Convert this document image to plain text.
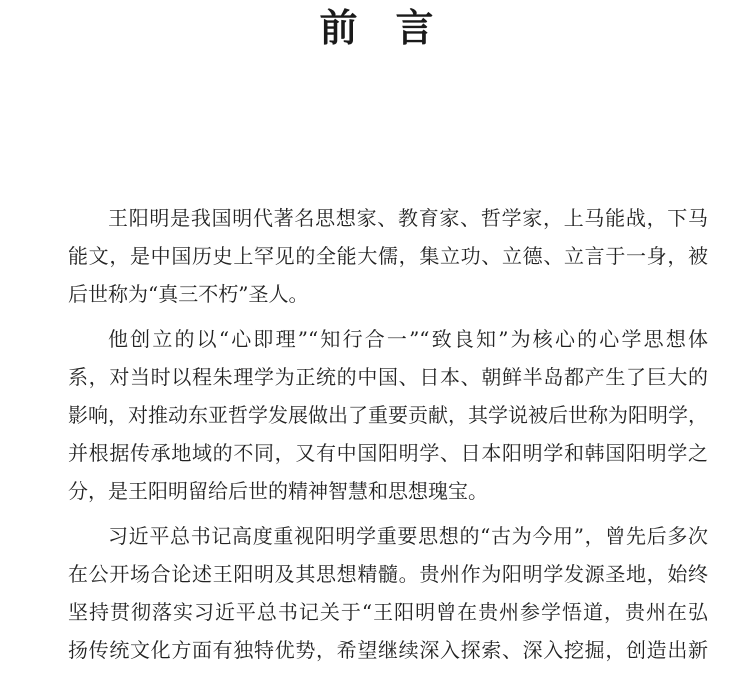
前　言
王阳明是我国明代著名思想家、教育家、哲学家，上马能战，下马
能文，是中国历史上罕见的全能大儒，集立功、立德、立言于一身，被
后世称为“真三不朽”圣人。
他创立的以“心即理”“知行合一”“致良知”为核心的心学思想体
系，对当时以程朱理学为正统的中国、日本、朝鲜半岛都产生了巨大的
影响，对推动东亚哲学发展做出了重要贡献，其学说被后世称为阳明学，
并根据传承地域的不同，又有中国阳明学、日本阳明学和韩国阳明学之
分，是王阳明留给后世的精神智慧和思想瑰宝。
习近平总书记高度重视阳明学重要思想的“古为今用”，曾先后多次
在公开场合论述王阳明及其思想精髓。贵州作为阳明学发源圣地，始终
坚持贯彻落实习近平总书记关于“王阳明曾在贵州参学悟道，贵州在弘
扬传统文化方面有独特优势，希望继续深入探索、深入挖掘，创造出新
